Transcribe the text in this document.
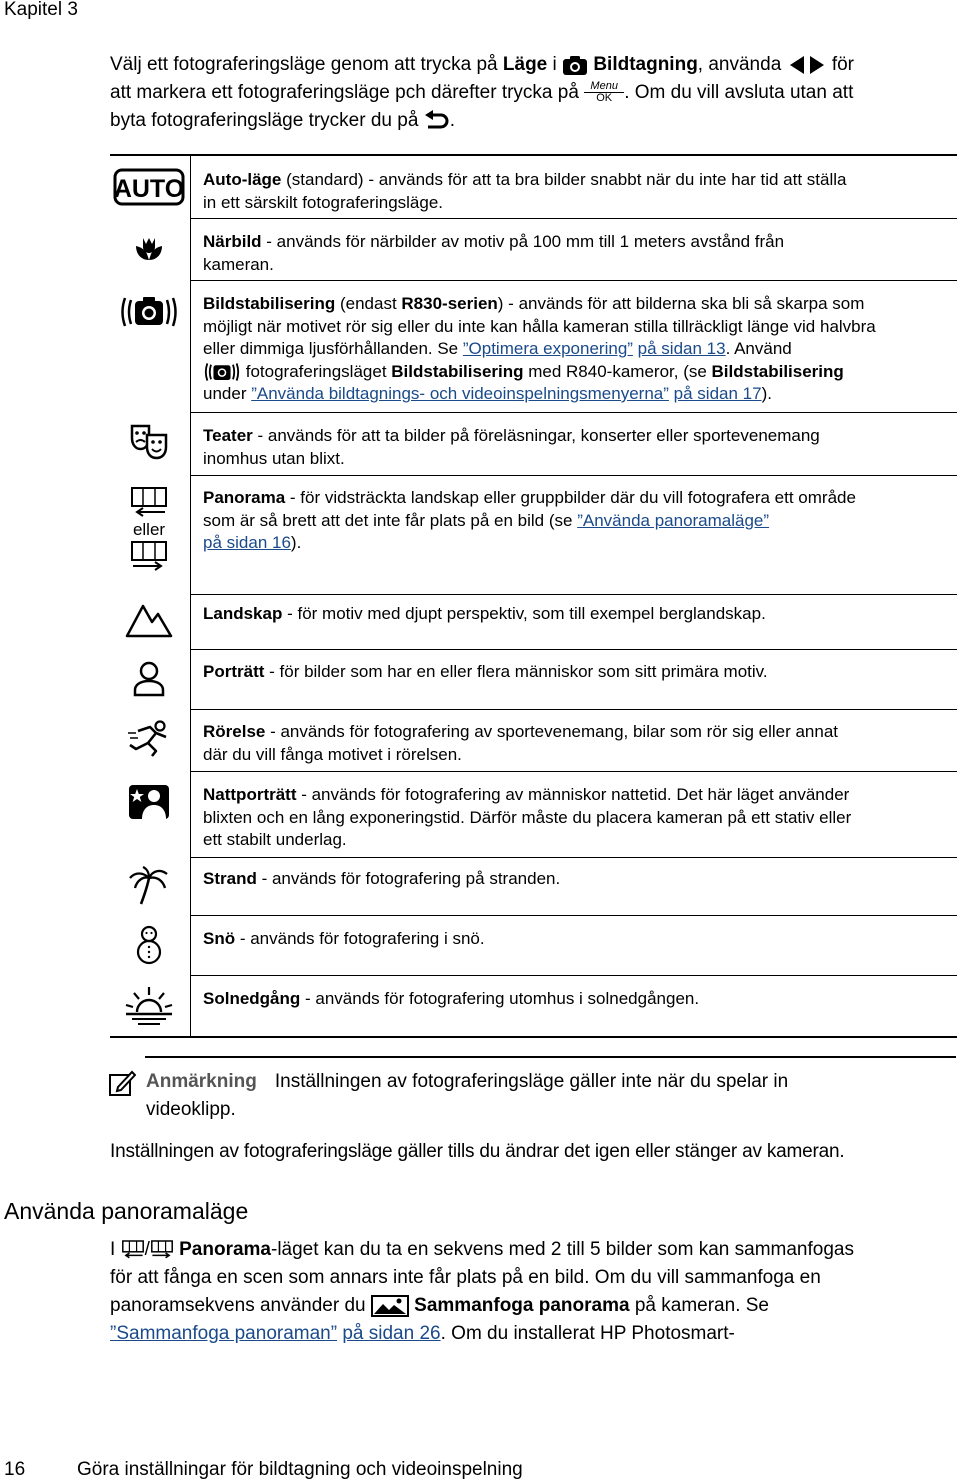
Kapitel 3
Välj ett fotograferingsläge genom att trycka på Läge i  Bildtagning, använda  för
att markera ett fotograferingsläge pch därefter trycka på Menu
OK . Om du vill avsluta utan att
byta fotograferingsläge trycker du på .
AUTO Auto-läge (standard) - används för att ta bra bilder snabbt när du inte har tid att ställa
in ett särskilt fotograferingsläge.
Närbild - används för närbilder av motiv på 100 mm till 1 meters avstånd från
kameran.
Bildstabilisering (endast R830-serien) - används för att bilderna ska bli så skarpa som
möjligt när motivet rör sig eller du inte kan hålla kameran stilla tillräckligt länge vid halvbra
eller dimmiga ljusförhållanden. Se ”Optimera exponering” på sidan 13. Använd
fotograferingsläget Bildstabilisering med R840-kameror, (se Bildstabilisering
under ”Använda bildtagnings- och videoinspelningsmenyerna” på sidan 17).
Teater - används för att ta bilder på föreläsningar, konserter eller sportevenemang
inomhus utan blixt.
eller
Panorama - för vidsträckta landskap eller gruppbilder där du vill fotografera ett område
som är så brett att det inte får plats på en bild (se ”Använda panoramaläge”
på sidan 16).
Landskap - för motiv med djupt perspektiv, som till exempel berglandskap.
Porträtt - för bilder som har en eller flera människor som sitt primära motiv.
Rörelse - används för fotografering av sportevenemang, bilar som rör sig eller annat
där du vill fånga motivet i rörelsen.
Nattporträtt - används för fotografering av människor nattetid. Det här läget använder
blixten och en lång exponeringstid. Därför måste du placera kameran på ett stativ eller
ett stabilt underlag.
Strand - används för fotografering på stranden.
Snö - används för fotografering i snö.
Solnedgång - används för fotografering utomhus i solnedgången.
Anmärkning Inställningen av fotograferingsläge gäller inte när du spelar in
videoklipp.
Inställningen av fotograferingsläge gäller tills du ändrar det igen eller stänger av kameran.
Använda panoramaläge
I / Panorama-läget kan du ta en sekvens med 2 till 5 bilder som kan sammanfogas
för att fånga en scen som annars inte får plats på en bild. Om du vill sammanfoga en
panoramsekvens använder du  Sammanfoga panorama på kameran. Se
”Sammanfoga panoraman” på sidan 26. Om du installerat HP Photosmart-
16	Göra inställningar för bildtagning och videoinspelning
